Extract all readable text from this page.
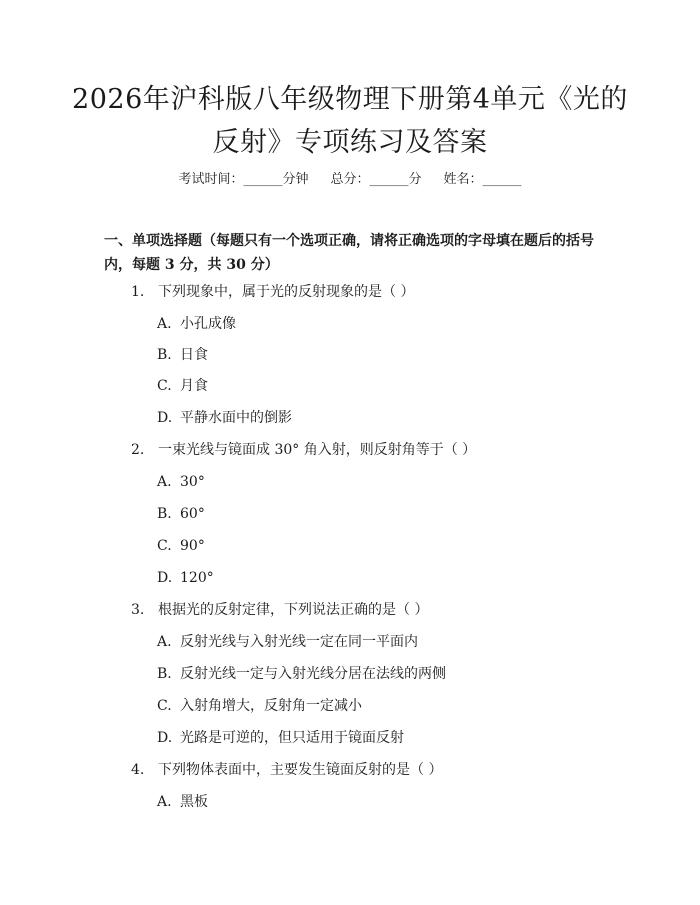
2026年沪科版八年级物理下册第4单元《光的反射》专项练习及答案
考试时间：______分钟 总分：______分 姓名：______

一、单项选择题（每题只有一个选项正确，请将正确选项的字母填在题后的括号内，每题 3 分，共 30 分）

1. 下列现象中，属于光的反射现象的是（ ）
A. 小孔成像
B. 日食
C. 月食
D. 平静水面中的倒影
2. 一束光线与镜面成 30° 角入射，则反射角等于（ ）
A. 30°
B. 60°
C. 90°
D. 120°
3. 根据光的反射定律，下列说法正确的是（ ）
A. 反射光线与入射光线一定在同一平面内
B. 反射光线一定与入射光线分居在法线的两侧
C. 入射角增大，反射角一定减小
D. 光路是可逆的，但只适用于镜面反射
4. 下列物体表面中，主要发生镜面反射的是（ ）
A. 黑板
